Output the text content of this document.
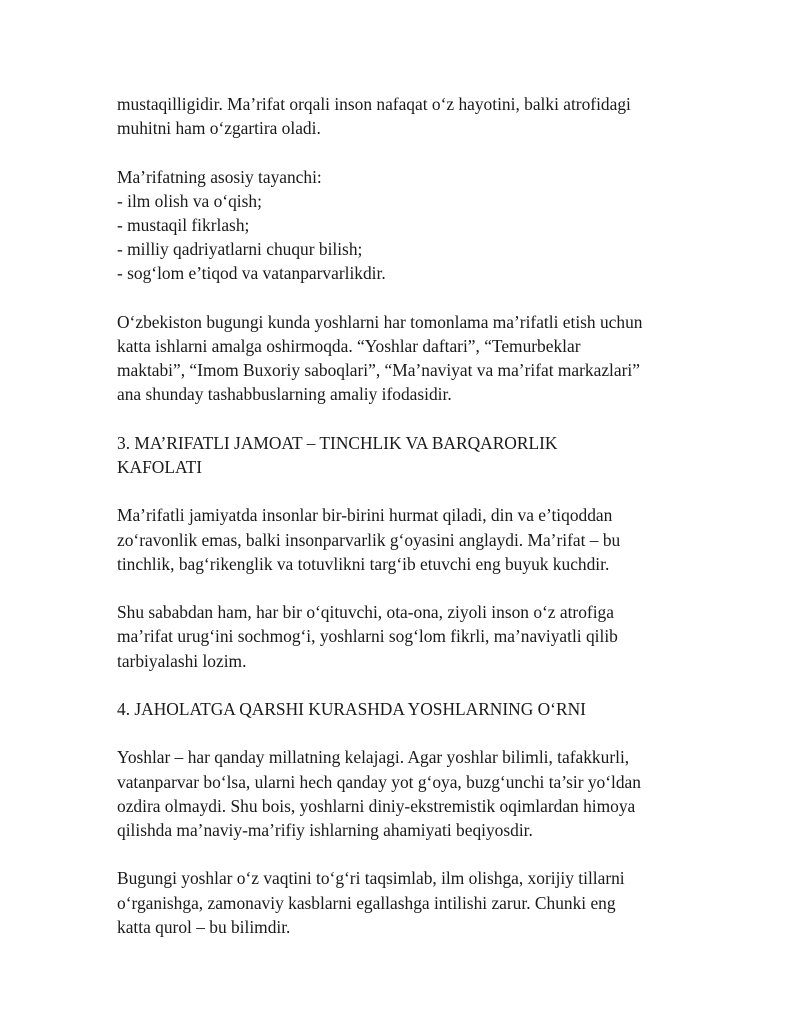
mustaqilligidir. Ma’rifat orqali inson nafaqat o‘z hayotini, balki atrofidagi
muhitni ham o‘zgartira oladi.

Ma’rifatning asosiy tayanchi:
- ilm olish va o‘qish;
- mustaqil fikrlash;
- milliy qadriyatlarni chuqur bilish;
- sog‘lom e’tiqod va vatanparvarlikdir.

O‘zbekiston bugungi kunda yoshlarni har tomonlama ma’rifatli etish uchun
katta ishlarni amalga oshirmoqda. “Yoshlar daftari”, “Temurbeklar
maktabi”, “Imom Buxoriy saboqlari”, “Ma’naviyat va ma’rifat markazlari”
ana shunday tashabbuslarning amaliy ifodasidir.

3. MA’RIFATLI JAMOAT – TINCHLIK VA BARQARORLIK
KAFOLATI

Ma’rifatli jamiyatda insonlar bir-birini hurmat qiladi, din va e’tiqoddan
zo‘ravonlik emas, balki insonparvarlik g‘oyasini anglaydi. Ma’rifat – bu
tinchlik, bag‘rikenglik va totuvlikni targ‘ib etuvchi eng buyuk kuchdir.

Shu sababdan ham, har bir o‘qituvchi, ota-ona, ziyoli inson o‘z atrofiga
ma’rifat urug‘ini sochmog‘i, yoshlarni sog‘lom fikrli, ma’naviyatli qilib
tarbiyalashi lozim.

4. JAHOLATGA QARSHI KURASHDA YOSHLARNING O‘RNI

Yoshlar – har qanday millatning kelajagi. Agar yoshlar bilimli, tafakkurli,
vatanparvar bo‘lsa, ularni hech qanday yot g‘oya, buzg‘unchi ta’sir yo‘ldan
ozdira olmaydi. Shu bois, yoshlarni diniy-ekstremistik oqimlardan himoya
qilishda ma’naviy-ma’rifiy ishlarning ahamiyati beqiyosdir.

Bugungi yoshlar o‘z vaqtini to‘g‘ri taqsimlab, ilm olishga, xorijiy tillarni
o‘rganishga, zamonaviy kasblarni egallashga intilishi zarur. Chunki eng
katta qurol – bu bilimdir.
